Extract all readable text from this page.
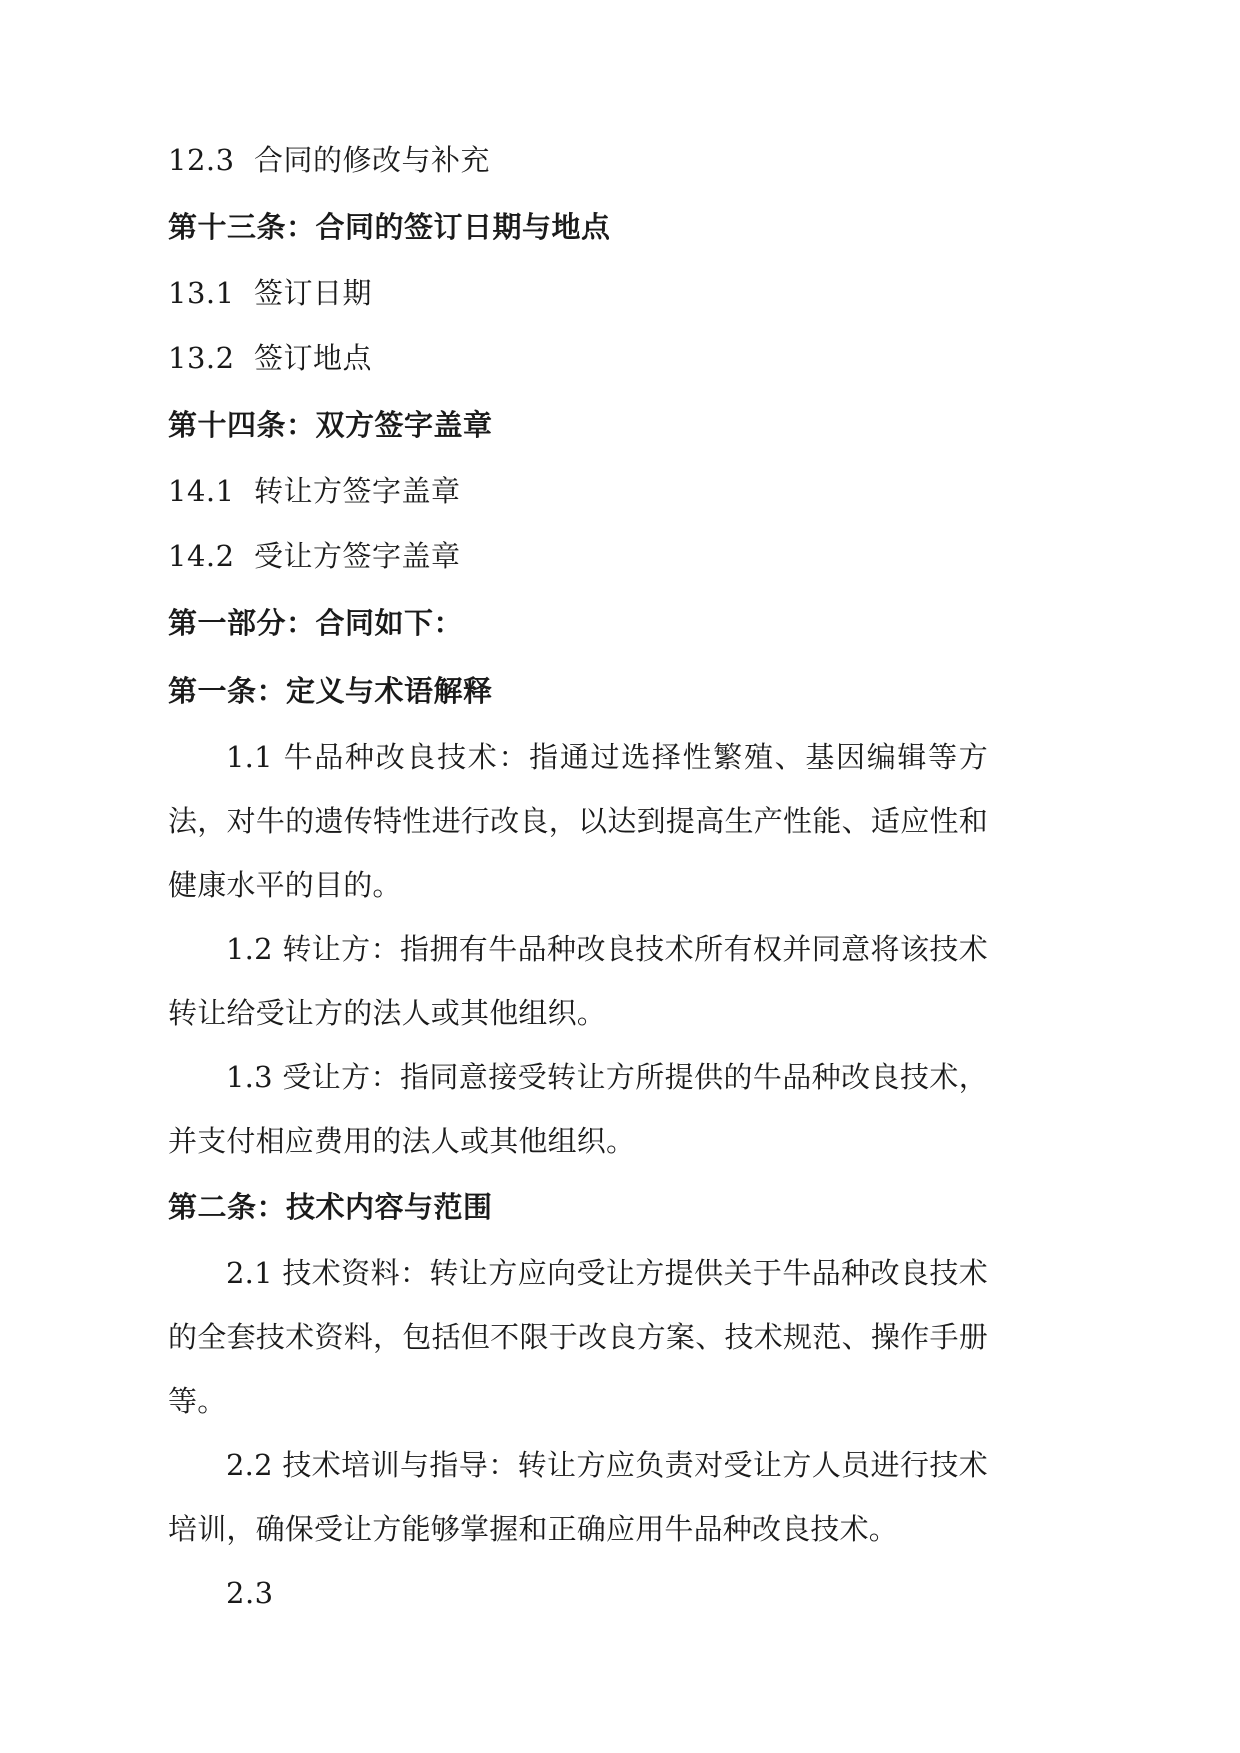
12.3  合同的修改与补充
第十三条：合同的签订日期与地点
13.1  签订日期
13.2  签订地点
第十四条：双方签字盖章
14.1  转让方签字盖章
14.2  受让方签字盖章
第一部分：合同如下：
第一条：定义与术语解释

1.1 牛品种改良技术：指通过选择性繁殖、基因编辑等方法，对牛的遗传特性进行改良，以达到提高生产性能、适应性和健康水平的目的。

1.2 转让方：指拥有牛品种改良技术所有权并同意将该技术转让给受让方的法人或其他组织。

1.3 受让方：指同意接受转让方所提供的牛品种改良技术，并支付相应费用的法人或其他组织。

第二条：技术内容与范围

2.1 技术资料：转让方应向受让方提供关于牛品种改良技术的全套技术资料，包括但不限于改良方案、技术规范、操作手册等。

2.2 技术培训与指导：转让方应负责对受让方人员进行技术培训，确保受让方能够掌握和正确应用牛品种改良技术。

2.3
